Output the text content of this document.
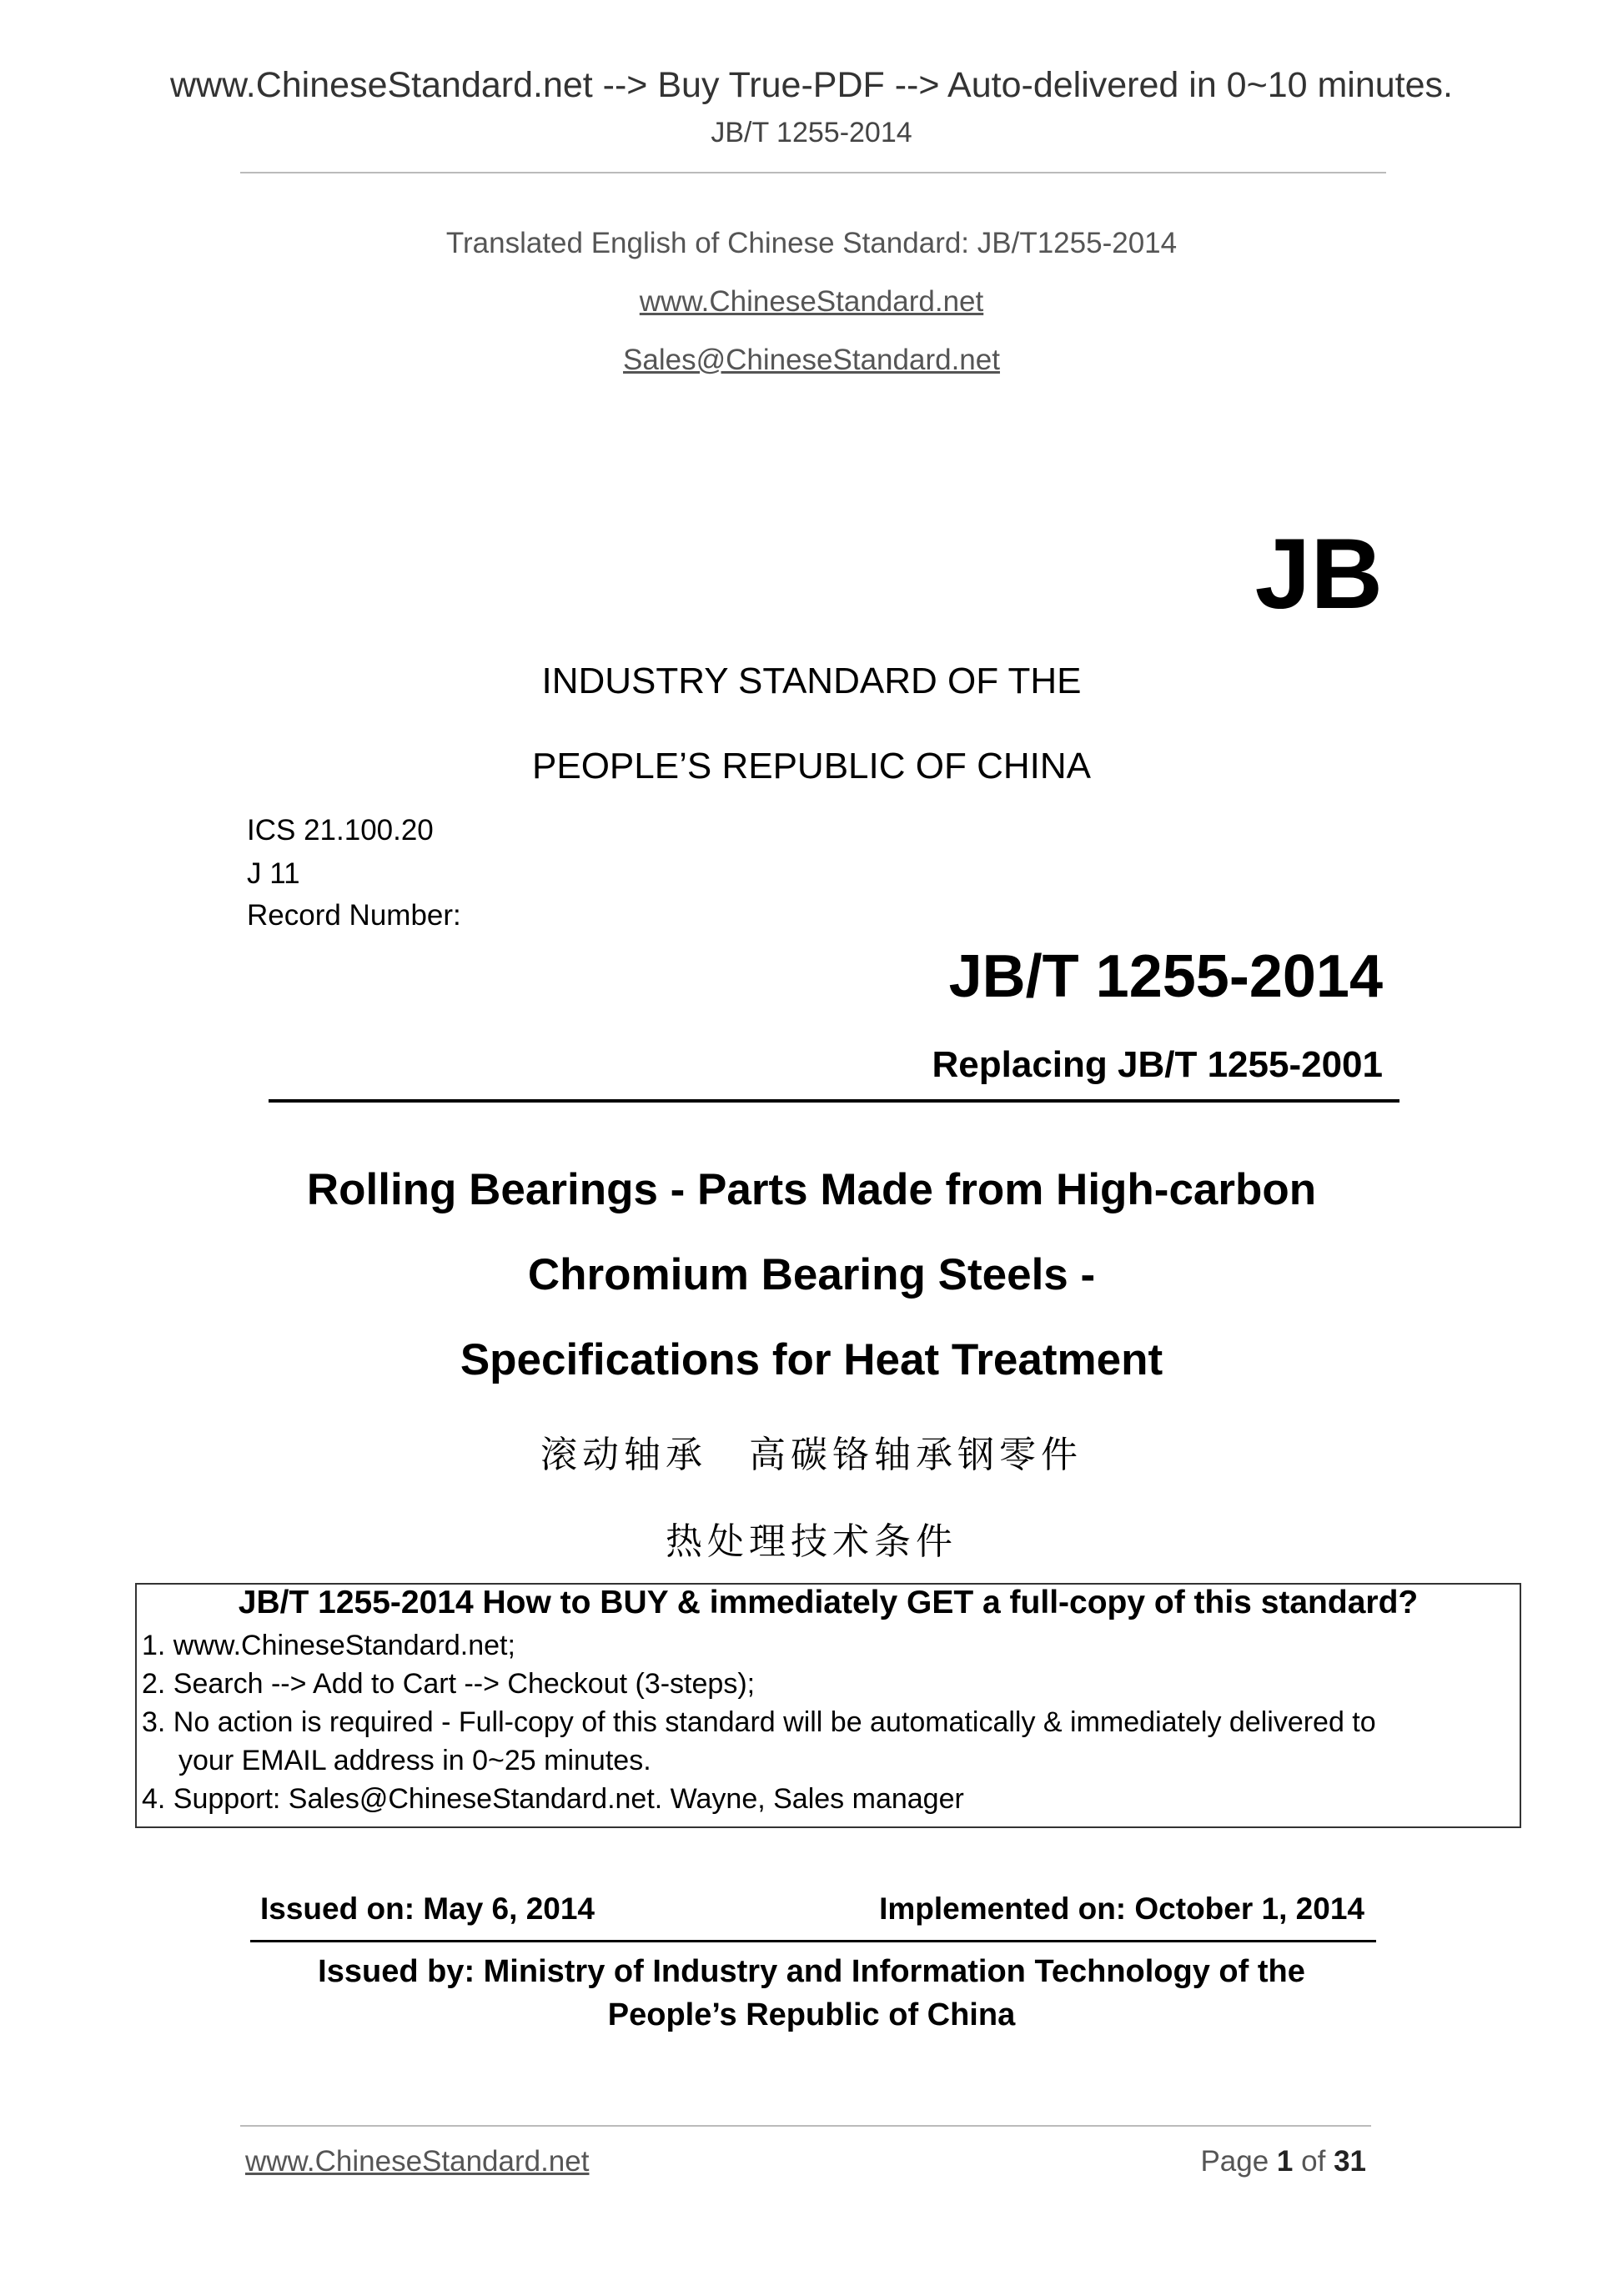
www.ChineseStandard.net --> Buy True-PDF --> Auto-delivered in 0~10 minutes.
JB/T 1255-2014
Translated English of Chinese Standard: JB/T1255-2014
www.ChineseStandard.net
Sales@ChineseStandard.net
JB
INDUSTRY STANDARD OF THE
PEOPLE’S REPUBLIC OF CHINA
ICS 21.100.20
J 11
Record Number:
JB/T 1255-2014
Replacing JB/T 1255-2001
Rolling Bearings - Parts Made from High-carbon
Chromium Bearing Steels -
Specifications for Heat Treatment
滚动轴承　高碳铬轴承钢零件
热处理技术条件
JB/T 1255-2014 How to BUY & immediately GET a full-copy of this standard?
1. www.ChineseStandard.net;
2. Search --> Add to Cart --> Checkout (3-steps);
3. No action is required - Full-copy of this standard will be automatically & immediately delivered to
your EMAIL address in 0~25 minutes.
4. Support: Sales@ChineseStandard.net. Wayne, Sales manager
Issued on: May 6, 2014	Implemented on: October 1, 2014
Issued by: Ministry of Industry and Information Technology of the
People’s Republic of China
www.ChineseStandard.net	Page 1 of 31
